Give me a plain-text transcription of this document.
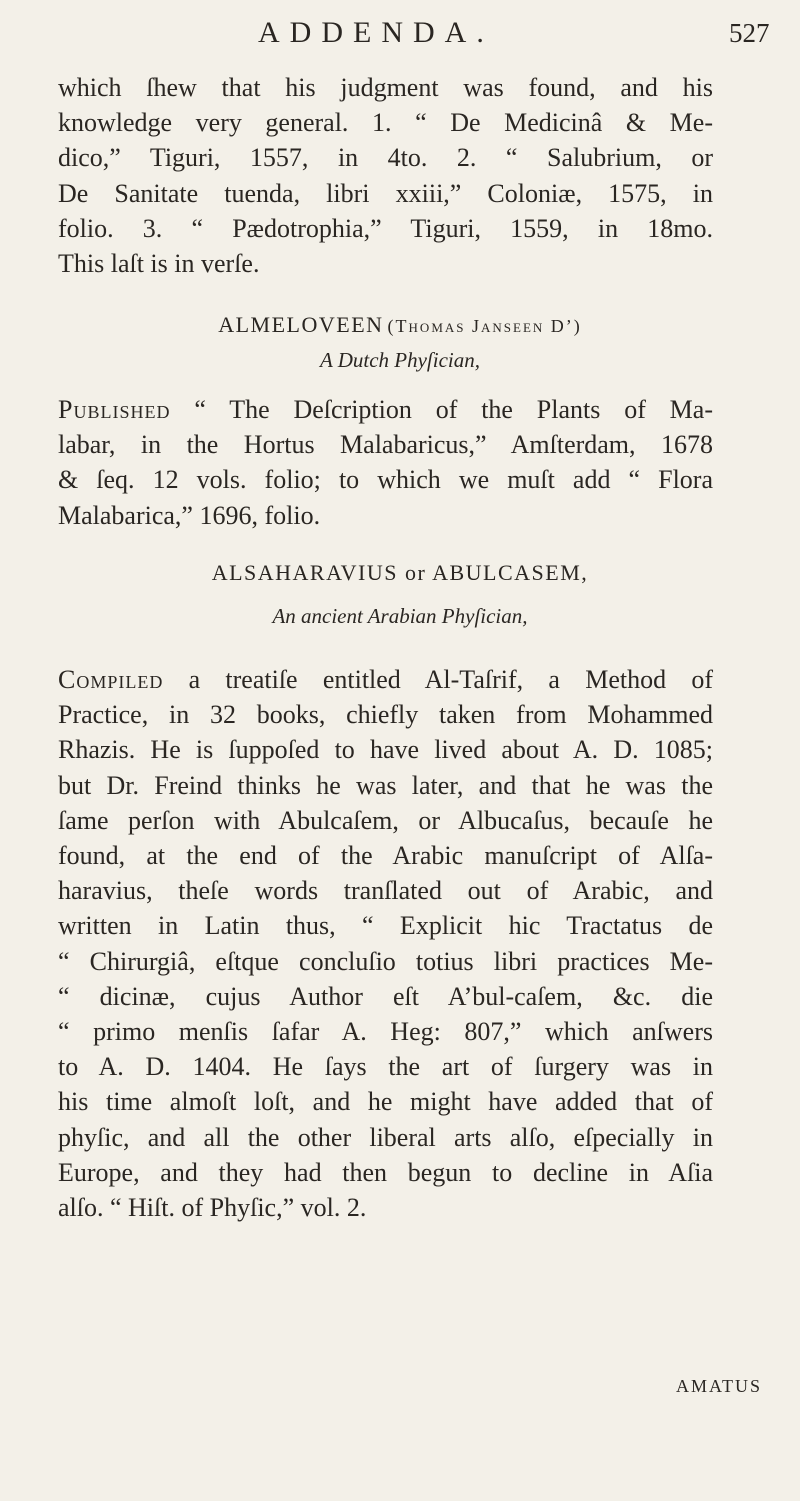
ADDENDA.	527

which ſhew that his judgment was found, and his
knowledge very general. 1. “ De Medicinâ & Me-
dico,” Tiguri, 1557, in 4to. 2. “ Salubrium, or
De Sanitate tuenda, libri xxiii,” Coloniæ, 1575, in
folio. 3. “ Pædotrophia,” Tiguri, 1559, in 18mo.
This laſt is in verſe.

ALMELOVEEN (Thomas Janseen D’)

A Dutch Phyſician,

Published “ The Deſcription of the Plants of Ma-
labar, in the Hortus Malabaricus,” Amſterdam, 1678
& ſeq. 12 vols. folio; to which we muſt add “ Flora
Malabarica,” 1696, folio.

ALSAHARAVIUS or ABULCASEM,

An ancient Arabian Phyſician,

Compiled a treatiſe entitled Al-Taſrif, a Method of
Practice, in 32 books, chiefly taken from Mohammed
Rhazis. He is ſuppoſed to have lived about A. D. 1085;
but Dr. Freind thinks he was later, and that he was the
ſame perſon with Abulcaſem, or Albucaſus, becauſe he
found, at the end of the Arabic manuſcript of Alſa-
haravius, theſe words tranſlated out of Arabic, and
written in Latin thus, “ Explicit hic Tractatus de
“ Chirurgiâ, eſtque concluſio totius libri practices Me-
“ dicinæ, cujus Author eſt A’bul-caſem, &c. die
“ primo menſis ſafar A. Heg: 807,” which anſwers
to A. D. 1404. He ſays the art of ſurgery was in
his time almoſt loſt, and he might have added that of
phyſic, and all the other liberal arts alſo, eſpecially in
Europe, and they had then begun to decline in Aſia
alſo. “ Hiſt. of Phyſic,” vol. 2.

AMATUS
